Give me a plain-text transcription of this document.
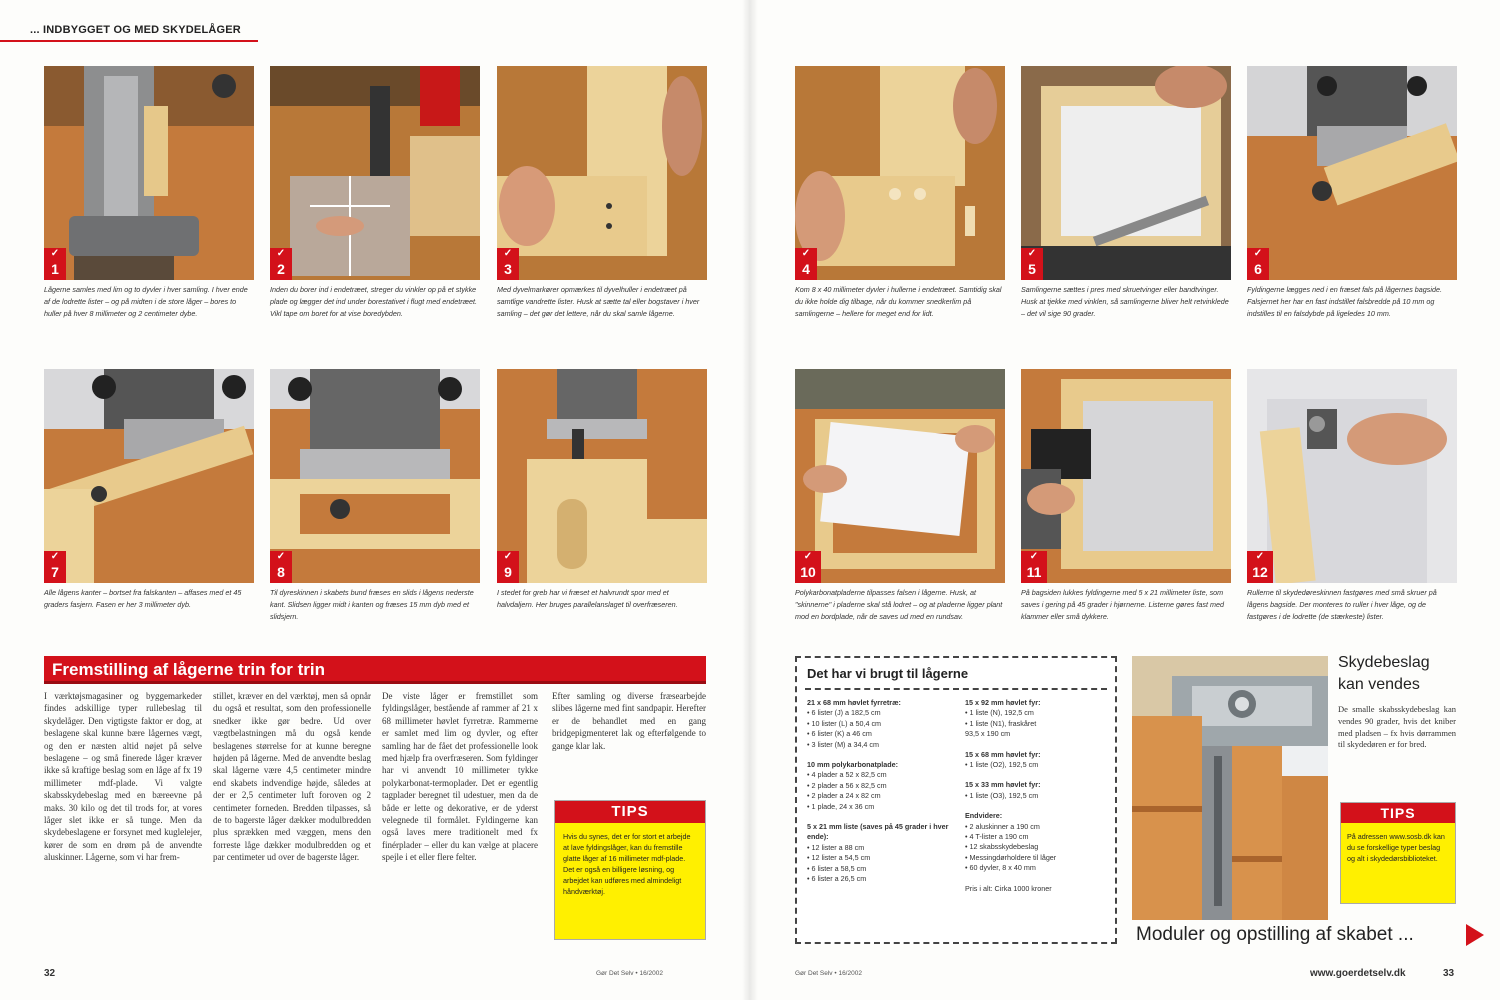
... INDBYGGET OG MED SKYDELÅGER
✓
1
Lågerne samles med lim og to dyvler i hver samling. I hver ende af de lodrette lister – og på midten i de store låger – bores to huller på hver 8 millimeter og 2 centimeter dybe.
✓
2
Inden du borer ind i endetræet, streger du vinkler op på et stykke plade og lægger det ind under borestativet i flugt med endetræet. Vikl tape om boret for at vise boredybden.
✓
3
Med dyvelmarkører opmærkes til dyvelhuller i endetræet på samtlige vandrette lister. Husk at sætte tal eller bogstaver i hver samling – det gør det lettere, når du skal samle lågerne.
✓
4
Kom 8 x 40 millimeter dyvler i hullerne i endetræet. Samtidig skal du ikke holde dig tilbage, når du kommer snedkerlim på samlingerne – hellere for meget end for lidt.
✓
5
Samlingerne sættes i pres med skruetvinger eller bandtvinger. Husk at tjekke med vinklen, så samlingerne bliver helt retvinklede – det vil sige 90 grader.
✓
6
Fyldingerne lægges ned i en fræset fals på lågernes bagside. Falsjernet her har en fast indstillet falsbredde på 10 mm og indstilles til en falsdybde på ligeledes 10 mm.
✓
7
Alle lågens kanter – bortset fra falskanten – affases med et 45 graders fasjern. Fasen er her 3 millimeter dyb.
✓
8
Til dyreskinnen i skabets bund fræses en slids i lågens nederste kant. Slidsen ligger midt i kanten og fræses 15 mm dyb med et slidsjern.
✓
9
I stedet for greb har vi fræset et halvrundt spor med et halvdaljern. Her bruges parallelanslaget til overfræseren.
✓
10
Polykarbonatpladerne tilpasses falsen i lågerne. Husk, at "skinnerne" i pladerne skal stå lodret – og at pladerne ligger plant mod en bordplade, når de saves ud med en rundsav.
✓
11
På bagsiden lukkes fyldingerne med 5 x 21 millimeter liste, som saves i gering på 45 grader i hjørnerne. Listerne gøres fast med klammer eller små dykkere.
✓
12
Rullerne til skydedøreskinnen fastgøres med små skruer på lågens bagside. Der monteres to ruller i hver låge, og de fastgøres i de lodrette (de stærkeste) lister.
Fremstilling af lågerne trin for trin
I værktøjsmagasiner og byggemarkeder findes adskillige typer rullebeslag til skydelåger. Den vigtigste faktor er dog, at beslagene skal kunne bære lågernes vægt, og den er næsten altid nøjet på selve beslagene – og små finerede låger kræver ikke så kraftige beslag som en låge af fx 19 millimeter mdf-plade. Vi valgte skabsskydebeslag med en bæreevne på maks. 30 kilo og det til trods for, at vores låger slet ikke er så tunge. Men da skydebeslagene er forsynet med kuglelejer, kører de som en drøm på de anvendte aluskinner. Lågerne, som vi har frem-
stillet, kræver en del værktøj, men så opnår du også et resultat, som den professionelle snedker ikke gør bedre. Ud over vægtbelastningen må du også kende beslagenes størrelse for at kunne beregne højden på lågerne. Med de anvendte beslag skal lågerne være 4,5 centimeter mindre end skabets indvendige højde, således at der er 2,5 centimeter luft foroven og 2 centimeter forneden. Bredden tilpasses, så de to bagerste låger dækker modulbredden plus sprækken med væggen, mens den forreste låge dækker modulbredden og et par centimeter ud over de bagerste låger.
De viste låger er fremstillet som fyldingslåger, bestående af rammer af 21 x 68 millimeter høvlet fyrretræ. Rammerne er samlet med lim og dyvler, og efter samling har de fået det professionelle look med hjælp fra overfræseren. Som fyldinger har vi anvendt 10 millimeter tykke polykarbonat-termoplader. Det er egentlig tagplader beregnet til udestuer, men da de både er lette og dekorative, er de yderst velegnede til formålet. Fyldingerne kan også laves mere traditionelt med fx finérplader – eller du kan vælge at placere spejle i et eller flere felter.
Efter samling og diverse fræsearbejde slibes lågerne med fint sandpapir. Herefter er de behandlet med en gang bridgepigmenteret lak og efterfølgende to gange klar lak.
TIPS
Hvis du synes, det er for stort et arbejde at lave fyldingslåger, kan du fremstille glatte låger af 16 millimeter mdf-plade. Det er også en billigere løsning, og arbejdet kan udføres med almindeligt håndværktøj.
32	Gør Det Selv • 16/2002
Det har vi brugt til lågerne
21 x 68 mm høvlet fyrretræ:
• 6 lister (J) a 182,5 cm
• 10 lister (L) a 50,4 cm
• 6 lister (K) a 46 cm
• 3 lister (M) a 34,4 cm
10 mm polykarbonatplade:
• 4 plader a 52 x 82,5 cm
• 2 plader a 56 x 82,5 cm
• 2 plader a 24 x 82 cm
• 1 plade, 24 x 36 cm
5 x 21 mm liste (saves på 45 grader i hver ende):
• 12 lister a 88 cm
• 12 lister a 54,5 cm
• 6 lister a 58,5 cm
• 6 lister a 26,5 cm
15 x 92 mm høvlet fyr:
• 1 liste (N), 192,5 cm
• 1 liste (N1), fraskåret
93,5 x 190 cm
15 x 68 mm høvlet fyr:
• 1 liste (O2), 192,5 cm
15 x 33 mm høvlet fyr:
• 1 liste (O3), 192,5 cm
Endvidere:
• 2 aluskinner a 190 cm
• 4 T-lister a 190 cm
• 12 skabsskydebeslag
• Messingdørholdere til låger
• 60 dyvler, 8 x 40 mm
Pris i alt: Cirka 1000 kroner
Skydebeslag
kan vendes
De smalle skabsskydebeslag kan vendes 90 grader, hvis det kniber med pladsen – fx hvis dørrammen til skydedøren er for bred.
TIPS
På adressen www.sosb.dk kan du se forskellige typer beslag og alt i skydedørsbiblioteket.
Moduler og opstilling af skabet ...
Gør Det Selv • 16/2002	www.goerdetselv.dk	33
